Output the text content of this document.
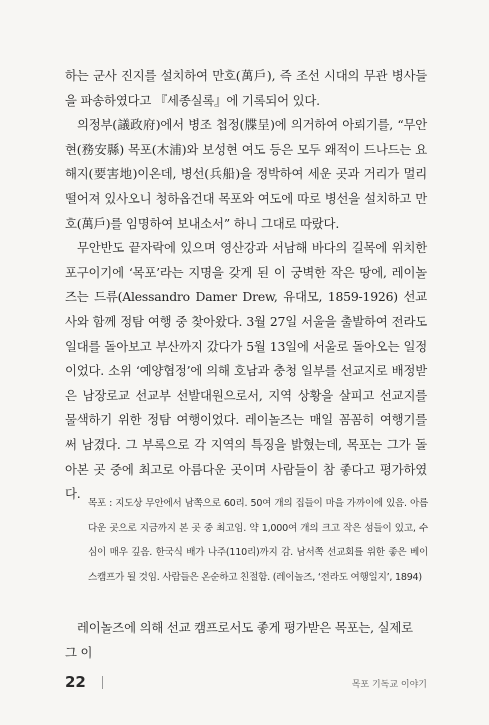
하는 군사 진지를 설치하여 만호(萬戶), 즉 조선 시대의 무관 병사들을 파송하였다고 『세종실록』에 기록되어 있다.

의정부(議政府)에서 병조 첩정(牒呈)에 의거하여 아뢰기를, “무안현(務安縣) 목포(木浦)와 보성현 여도 등은 모두 왜적이 드나드는 요해지(要害地)이온데, 병선(兵船)을 정박하여 세운 곳과 거리가 멀리 떨어져 있사오니 청하옵건대 목포와 여도에 따로 병선을 설치하고 만호(萬戶)를 임명하여 보내소서” 하니 그대로 따랐다.

무안반도 끝자락에 있으며 영산강과 서남해 바다의 길목에 위치한 포구이기에 ‘목포’라는 지명을 갖게 된 이 궁벽한 작은 땅에, 레이놀즈는 드류(Alessandro Damer Drew, 유대모, 1859-1926) 선교사와 함께 정탐 여행 중 찾아왔다. 3월 27일 서울을 출발하여 전라도 일대를 돌아보고 부산까지 갔다가 5월 13일에 서울로 돌아오는 일정이었다. 소위 ‘예양협정’에 의해 호남과 충청 일부를 선교지로 배정받은 남장로교 선교부 선발대원으로서, 지역 상황을 살피고 선교지를 물색하기 위한 정탐 여행이었다. 레이놀즈는 매일 꼼꼼히 여행기를 써 남겼다. 그 부록으로 각 지역의 특징을 밝혔는데, 목포는 그가 돌아본 곳 중에 최고로 아름다운 곳이며 사람들이 참 좋다고 평가하였다.

목포 : 지도상 무안에서 남쪽으로 60리. 50여 개의 집들이 마을 가까이에 있음. 아름다운 곳으로 지금까지 본 곳 중 최고임. 약 1,000여 개의 크고 작은 섬들이 있고, 수심이 매우 깊음. 한국식 배가 나주(110리)까지 감. 남서쪽 선교회를 위한 좋은 베이스캠프가 될 것임. 사람들은 온순하고 친절함. (레이놀즈, ‘전라도 여행일지’, 1894)

레이놀즈에 의해 선교 캠프로서도 좋게 평가받은 목포는, 실제로 그 이

22	목포 기독교 이야기
